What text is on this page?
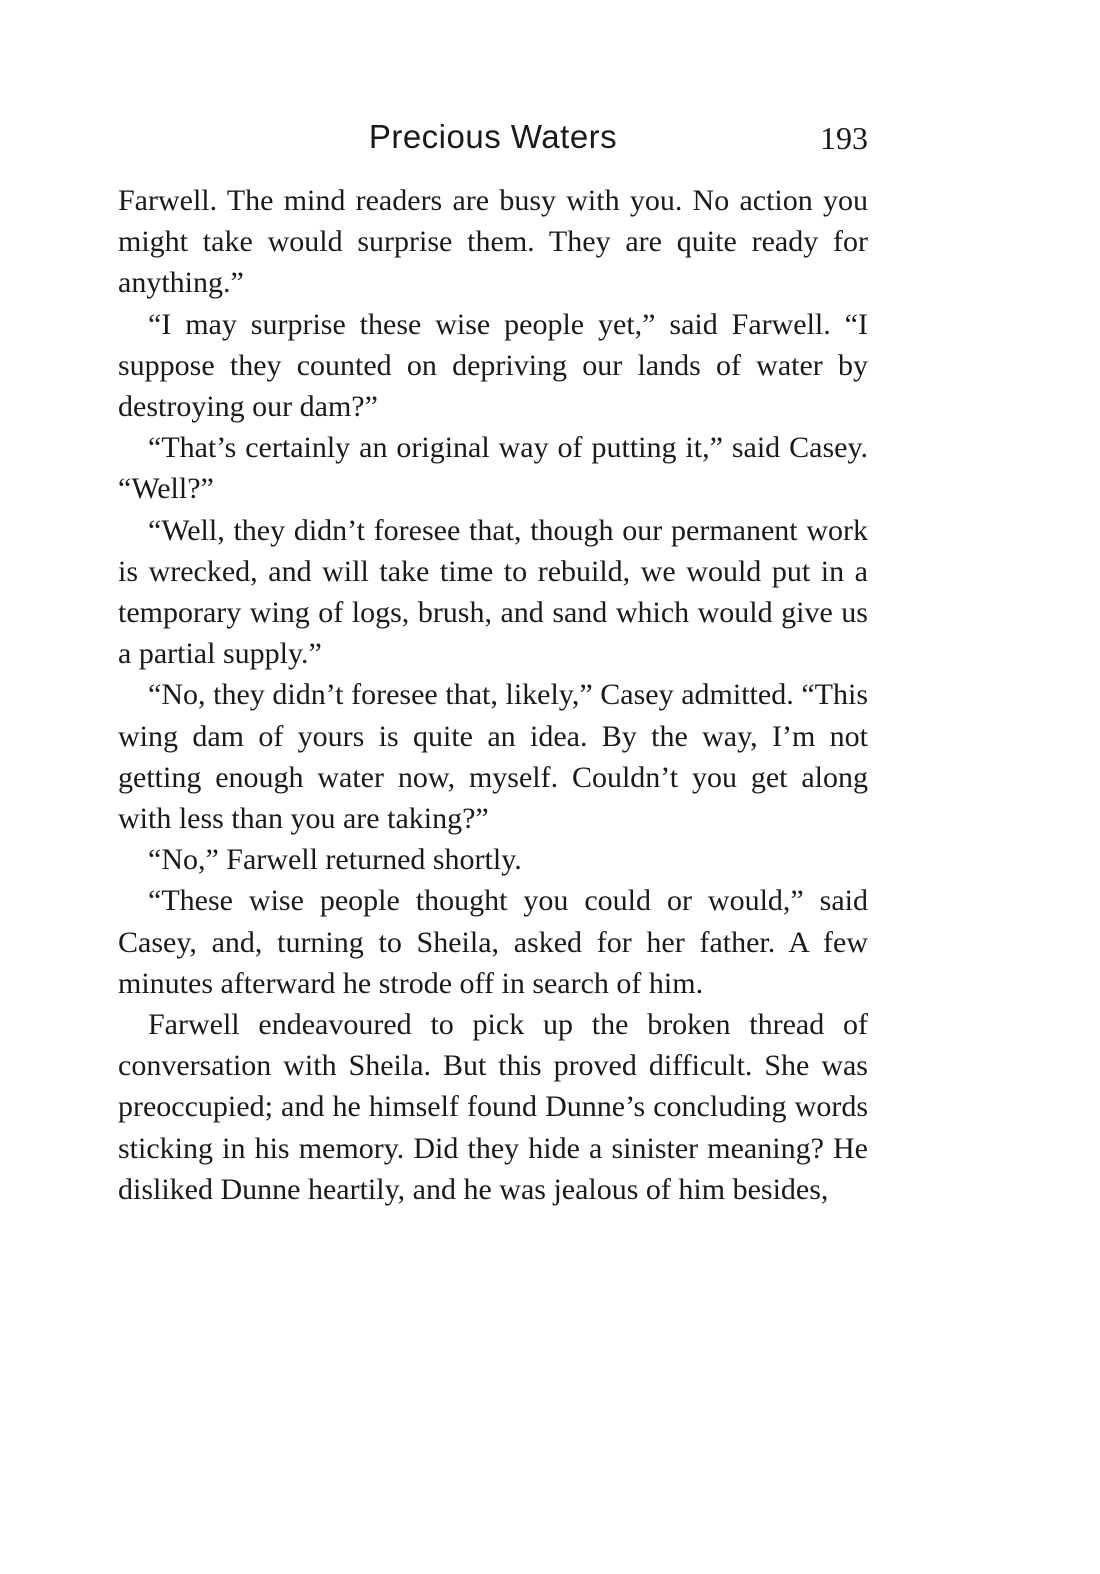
Precious Waters	193

Farwell. The mind readers are busy with you. No action you might take would surprise them. They are quite ready for anything.”

“I may surprise these wise people yet,” said Farwell. “I suppose they counted on depriving our lands of water by destroying our dam?”

“That’s certainly an original way of putting it,” said Casey. “Well?”

“Well, they didn’t foresee that, though our permanent work is wrecked, and will take time to rebuild, we would put in a temporary wing of logs, brush, and sand which would give us a partial supply.”

“No, they didn’t foresee that, likely,” Casey admitted. “This wing dam of yours is quite an idea. By the way, I’m not getting enough water now, myself. Couldn’t you get along with less than you are taking?”

“No,” Farwell returned shortly.

“These wise people thought you could or would,” said Casey, and, turning to Sheila, asked for her father. A few minutes afterward he strode off in search of him.

Farwell endeavoured to pick up the broken thread of conversation with Sheila. But this proved difficult. She was preoccupied; and he himself found Dunne’s concluding words sticking in his memory. Did they hide a sinister meaning? He disliked Dunne heartily, and he was jealous of him besides,
